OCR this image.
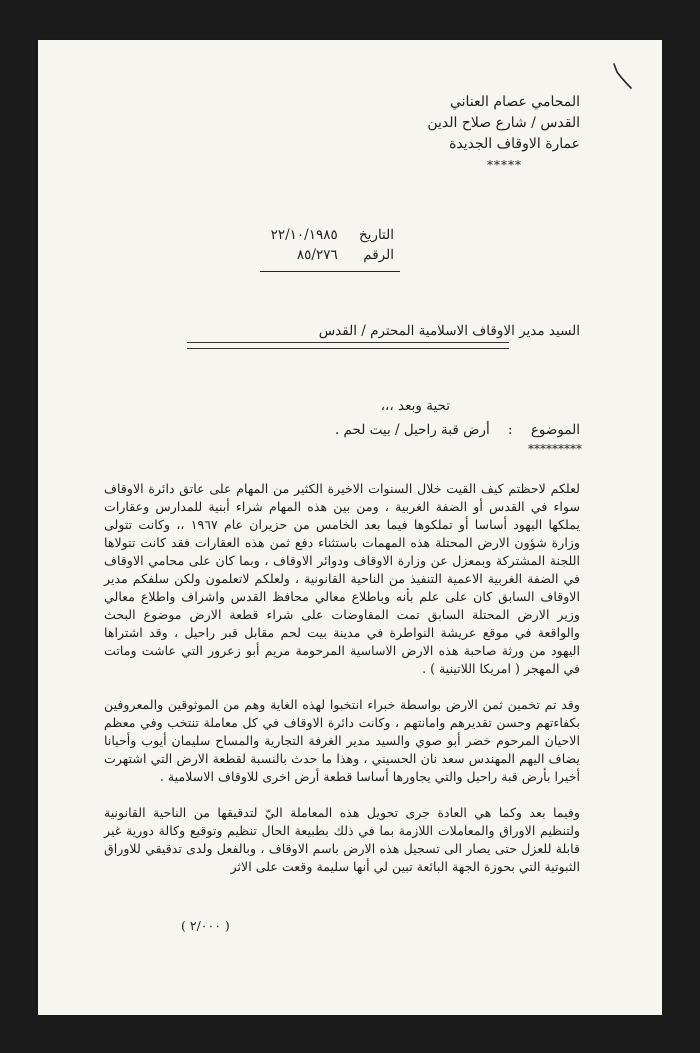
المحامي عصام العناني
القدس / شارع صلاح الدين
عمارة الاوقاف الجديدة
*****
التاريخ ٢٢/١٠/١٩٨٥
الرقم ٨٥/٢٧٦
السيد مدير الاوقاف الاسلامية المحترم / القدس
تحية وبعد ،،،
الموضوع : أرض قبة راحيل / بيت لحم .
*********

لعلكم لاحظتم كيف القيت خلال السنوات الاخيرة الكثير من المهام على عاتق دائرة الاوقاف سواء في القدس أو الضفة الغربية ، ومن بين هذه المهام شراء أبنية للمدارس وعقارات يملكها اليهود أساسا أو تملكوها فيما بعد الخامس من حزيران عام ١٩٦٧ ،، وكانت تتولى وزارة شؤون الارض المحتلة هذه المهمات باستثناء دفع ثمن هذه العقارات فقد كانت تتولاها اللجنة المشتركة وبمعزل عن وزارة الاوقاف ودوائر الاوقاف ، وبما كان على محامي الاوقاف في الضفة الغربية الاعمية التنفيذ من الناحية القانونية ، ولعلكم لاتعلمون ولكن سلفكم مدير الاوقاف السابق كان على علم بأنه وباطلاع معالي محافظ القدس واشراف واطلاع معالي وزير الارض المحتلة السابق تمت المفاوضات على شراء قطعة الارض موضوع البحث والواقعة في موقع عريشة النواطرة في مدينة بيت لحم مقابل قبر راحيل ، وقد اشتراها اليهود من ورثة صاحبة هذه الارض الاساسية المرحومة مريم أبو زعرور التي عاشت وماتت في المهجر ( امريكا اللاتينية ) .

وقد تم تخمين ثمن الارض بواسطة خبراء انتخبوا لهذه الغاية وهم من الموثوقين والمعروفين بكفاءتهم وحسن تقديرهم وامانتهم ، وكانت دائرة الاوقاف في كل معاملة تنتخب وفي معظم الاحيان المرحوم خضر أبو صوي والسيد مدير الغرفة التجارية والمساح سليمان أيوب وأحيانا يضاف اليهم المهندس سعد نان الحسيني ، وهذا ما حدث بالنسبة لقطعة الارض التي اشتهرت أخيرا بأرض قبة راحيل والتي يجاورها أساسا قطعة أرض اخرى للاوقاف الاسلامية .

وفيما بعد وكما هي العادة جرى تحويل هذه المعاملة اليّ لتدقيقها من الناحية القانونية ولتنظيم الاوراق والمعاملات اللازمة بما في ذلك بطبيعة الحال تنظيم وتوقيع وكالة دورية غير قابلة للعزل حتى يصار الى تسجيل هذه الارض باسم الاوقاف ، وبالفعل ولدى تدقيقي للاوراق الثبوتية التي بحوزة الجهة البائعة تبين لي أنها سليمة وقعت على الاثر

( ٢/٠٠٠ )
